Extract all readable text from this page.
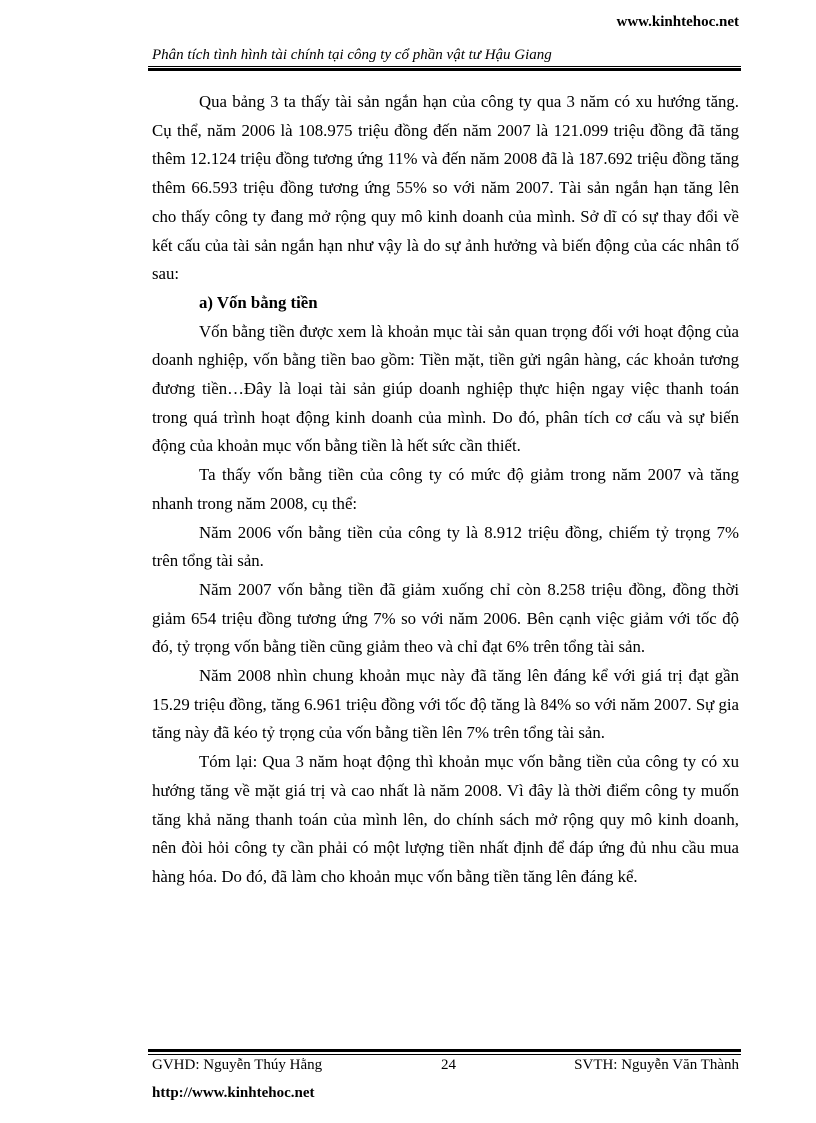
www.kinhtehoc.net
Phân tích tình hình tài chính tại công ty cổ phần vật tư Hậu Giang

Qua bảng 3 ta thấy tài sản ngắn hạn của công ty qua 3 năm có xu hướng tăng. Cụ thể, năm 2006 là 108.975 triệu đồng đến năm 2007 là 121.099 triệu đồng đã tăng thêm 12.124 triệu đồng tương ứng 11% và đến năm 2008 đã là 187.692 triệu đồng tăng thêm 66.593 triệu đồng tương ứng 55% so với năm 2007. Tài sản ngắn hạn tăng lên cho thấy công ty đang mở rộng quy mô kinh doanh của mình. Sở dĩ có sự thay đổi về kết cấu của tài sản ngắn hạn như vậy là do sự ảnh hưởng và biến động của các nhân tố sau:

a) Vốn bằng tiền

Vốn bằng tiền được xem là khoản mục tài sản quan trọng đối với hoạt động của doanh nghiệp, vốn bằng tiền bao gồm: Tiền mặt, tiền gửi ngân hàng, các khoản tương đương tiền…Đây là loại tài sản giúp doanh nghiệp thực hiện ngay việc thanh toán trong quá trình hoạt động kinh doanh của mình. Do đó, phân tích cơ cấu và sự biến động của khoản mục vốn bằng tiền là hết sức cần thiết.

Ta thấy vốn bằng tiền của công ty có mức độ giảm trong năm 2007 và tăng nhanh trong năm 2008, cụ thể:

Năm 2006 vốn bằng tiền của công ty là 8.912 triệu đồng, chiếm tỷ trọng 7% trên tổng tài sản.

Năm 2007 vốn bằng tiền đã giảm xuống chỉ còn 8.258 triệu đồng, đồng thời giảm 654 triệu đồng tương ứng 7% so với năm 2006. Bên cạnh việc giảm với tốc độ đó, tỷ trọng vốn bằng tiền cũng giảm theo và chỉ đạt 6% trên tổng tài sản.

Năm 2008 nhìn chung khoản mục này đã tăng lên đáng kể với giá trị đạt gần 15.29 triệu đồng, tăng 6.961 triệu đồng với tốc độ tăng là 84% so với năm 2007. Sự gia tăng này đã kéo tỷ trọng của vốn bằng tiền lên 7% trên tổng tài sản.

Tóm lại: Qua 3 năm hoạt động thì khoản mục vốn bằng tiền của công ty có xu hướng tăng về mặt giá trị và cao nhất là năm 2008. Vì đây là thời điểm công ty muốn tăng khả năng thanh toán của mình lên, do chính sách mở rộng quy mô kinh doanh, nên đòi hỏi công ty cần phải có một lượng tiền nhất định để đáp ứng đủ nhu cầu mua hàng hóa. Do đó, đã làm cho khoản mục vốn bằng tiền tăng lên đáng kể.

GVHD: Nguyễn Thúy Hằng	24	SVTH: Nguyễn Văn Thành
http://www.kinhtehoc.net
